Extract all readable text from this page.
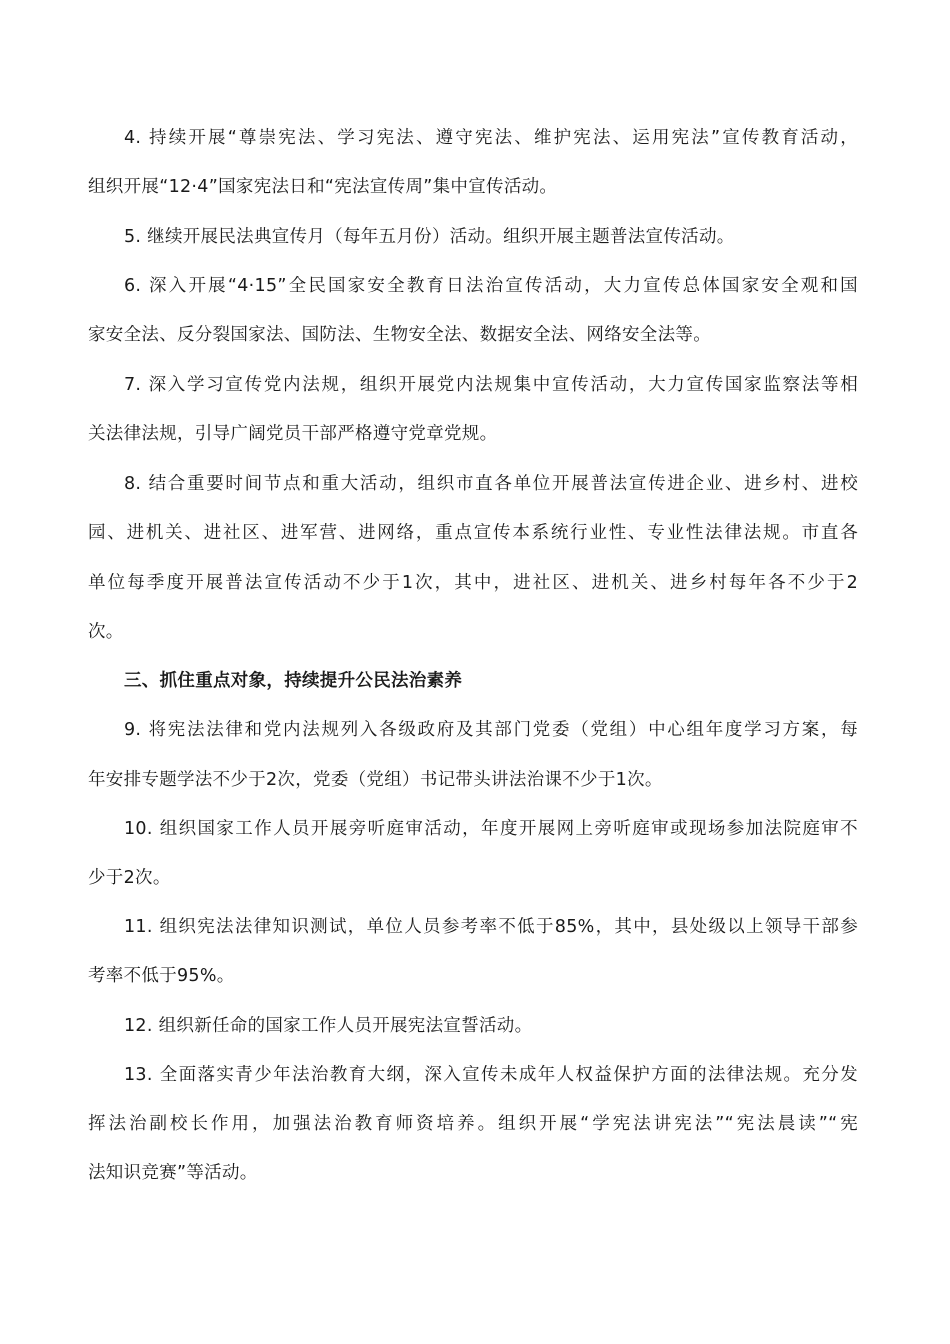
4. 持续开展“尊崇宪法、学习宪法、遵守宪法、维护宪法、运用宪法”宣传教育活动，
组织开展“12·4”国家宪法日和“宪法宣传周”集中宣传活动。
5. 继续开展民法典宣传月（每年五月份）活动。组织开展主题普法宣传活动。
6. 深入开展“4·15”全民国家安全教育日法治宣传活动，大力宣传总体国家安全观和国
家安全法、反分裂国家法、国防法、生物安全法、数据安全法、网络安全法等。
7. 深入学习宣传党内法规，组织开展党内法规集中宣传活动，大力宣传国家监察法等相
关法律法规，引导广阔党员干部严格遵守党章党规。
8. 结合重要时间节点和重大活动，组织市直各单位开展普法宣传进企业、进乡村、进校
园、进机关、进社区、进军营、进网络，重点宣传本系统行业性、专业性法律法规。市直各
单位每季度开展普法宣传活动不少于1次，其中，进社区、进机关、进乡村每年各不少于2
次。
三、抓住重点对象，持续提升公民法治素养
9. 将宪法法律和党内法规列入各级政府及其部门党委（党组）中心组年度学习方案，每
年安排专题学法不少于2次，党委（党组）书记带头讲法治课不少于1次。
10. 组织国家工作人员开展旁听庭审活动，年度开展网上旁听庭审或现场参加法院庭审不
少于2次。
11. 组织宪法法律知识测试，单位人员参考率不低于85%，其中，县处级以上领导干部参
考率不低于95%。
12. 组织新任命的国家工作人员开展宪法宣誓活动。
13. 全面落实青少年法治教育大纲，深入宣传未成年人权益保护方面的法律法规。充分发
挥法治副校长作用，加强法治教育师资培养。组织开展“学宪法讲宪法”“宪法晨读”“宪
法知识竞赛”等活动。
